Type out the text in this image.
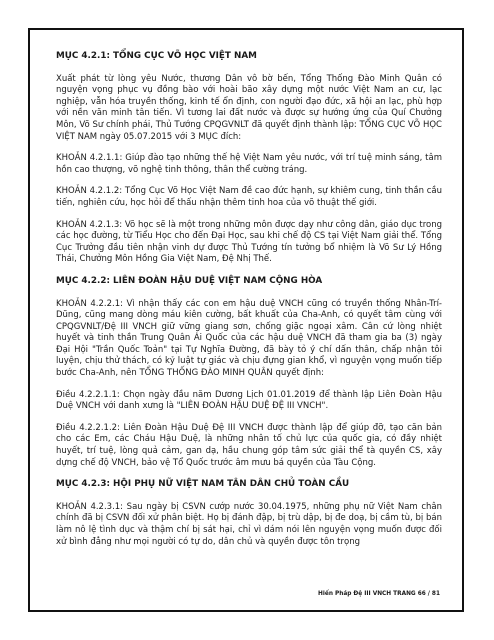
MỤC 4.2.1: TỔNG CỤC VÕ HỌC VIỆT NAM

Xuất phát từ lòng yêu Nước, thương Dân vô bờ bến, Tổng Thống Đào Minh Quân có nguyện vọng phục vụ đồng bào với hoài bão xây dựng một nước Việt Nam an cư, lạc nghiệp, vẫn hóa truyền thống, kinh tế ổn định, con người đạo đức, xã hội an lạc, phù hợp với nền văn minh tân tiến. Vì tương lai đất nước và được sự hướng ứng của Quí Chưởng Môn, Võ Sư chính phái, Thủ Tướng CPQGVNLT đã quyết định thành lập: TỔNG CỤC VÕ HỌC VIỆT NAM ngày 05.07.2015 với 3 MỤC đích:

KHOẢN 4.2.1.1: Giúp đào tạo những thế hệ Việt Nam yêu nước, với trí tuệ minh sáng, tâm hồn cao thượng, võ nghệ tinh thông, thân thể cường tráng.

KHOẢN 4.2.1.2: Tổng Cục Võ Học Việt Nam đề cao đức hạnh, sự khiêm cung, tinh thần cầu tiến, nghiên cứu, học hỏi để thấu nhận thêm tinh hoa của võ thuật thế giới.

KHOẢN 4.2.1.3: Võ học sẽ là một trong những môn được dạy như công dân, giáo dục trong các học đường, từ Tiểu Học cho đến Đại Học, sau khi chế độ CS tại Việt Nam giải thể. Tổng Cục Trưởng đầu tiên nhận vinh dự được Thủ Tướng tín tưởng bổ nhiệm là Võ Sư Lý Hồng Thái, Chưởng Môn Hồng Gia Việt Nam, Đệ Nhị Thế.

MỤC 4.2.2: LIÊN ĐOÀN HẬU DUỆ VIỆT NAM CỘNG HÒA

KHOẢN 4.2.2.1: Vì nhận thấy các con em hậu duệ VNCH cũng có truyền thống Nhân-Trí-Dũng, cũng mang dòng máu kiên cường, bất khuất của Cha-Anh, có quyết tâm cùng với CPQGVNLT/Đệ III VNCH giữ vững giang sơn, chống giặc ngoại xâm. Cân cứ lòng nhiệt huyết và tinh thần Trung Quân Ái Quốc của các hậu duệ VNCH đã tham gia ba (3) ngày Đại Hội "Trần Quốc Toản" tại Tự Nghĩa Đường, đã bày tỏ ý chí dấn thân, chấp nhận tôi luyện, chịu thử thách, có kỷ luật tự giác và chịu đựng gian khổ, vì nguyện vọng muốn tiếp bước Cha-Anh, nên TỔNG THỐNG ĐÀO MINH QUÂN quyết định:

Điều 4.2.2.1.1: Chọn ngày đầu năm Dương Lịch 01.01.2019 để thành lập Liên Đoàn Hậu Duệ VNCH với danh xưng là "LIÊN ĐOÀN HẬU DUỆ ĐỆ III VNCH".

Điều 4.2.2.1.2: Liên Đoàn Hậu Duệ Đệ III VNCH được thành lập để giúp đỡ, tạo căn bản cho các Em, các Cháu Hậu Duệ, là những nhân tố chủ lực của quốc gia, có đầy nhiệt huyết, trí tuệ, lòng quả cảm, gan dạ, hầu chung góp tâm sức giải thể tà quyền CS, xây dựng chế độ VNCH, bảo vệ Tổ Quốc trước âm mưu bá quyền của Tàu Cộng.

MỤC 4.2.3: HỘI PHỤ NỮ VIỆT NAM TÂN DÂN CHỦ TOÀN CẦU

KHOẢN 4.2.3.1: Sau ngày bị CSVN cướp nước 30.04.1975, những phụ nữ Việt Nam chân chính đã bị CSVN đối xử phân biệt. Họ bị đánh đập, bị trù dập, bị đe doạ, bị cầm tù, bị bán làm nô lệ tình dục và thậm chí bị sát hại, chỉ vì dám nói lên nguyện vọng muốn được đối xử bình đẳng như mọi người có tự do, dân chủ và quyền được tôn trọng

Hiến Pháp Đệ III VNCH TRANG 66 / 81
